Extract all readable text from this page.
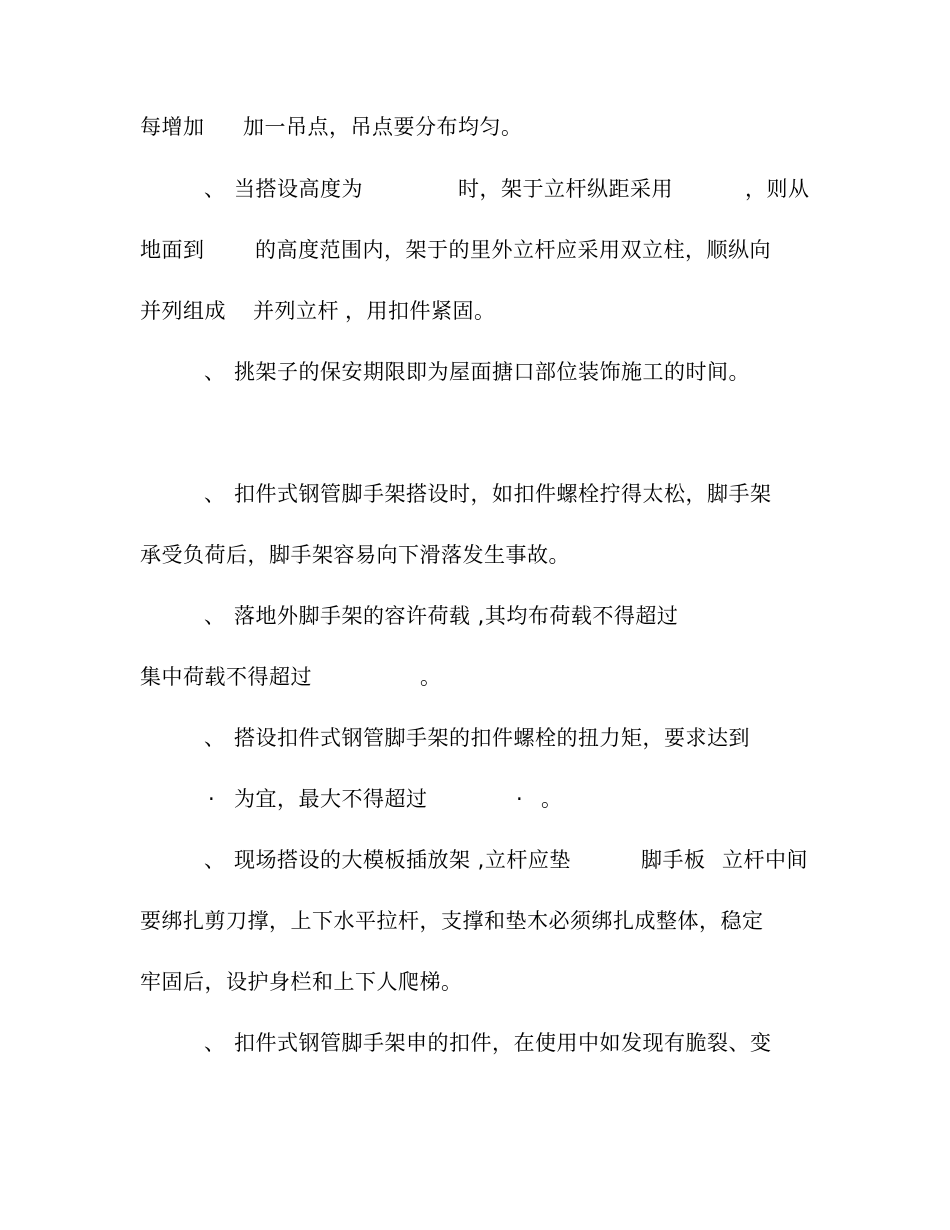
每增加 加一吊点，吊点要分布均匀。
、 当搭设高度为	时，架于立杆纵距采用	，则从
地面到 的高度范围内，架于的里外立杆应采用双立柱，顺纵向
并列组成 并列立杆 ，用扣件紧固。
、 挑架子的保安期限即为屋面搪口部位装饰施工的时间。
、 扣件式钢管脚手架搭设时，如扣件螺栓拧得太松，脚手架
承受负荷后，脚手架容易向下滑落发生事故。
、 落地外脚手架的容许荷载 ,其均布荷载不得超过
集中荷载不得超过	。
、 搭设扣件式钢管脚手架的扣件螺栓的扭力矩，要求达到
· 为宜，最大不得超过	· 。
、 现场搭设的大模板插放架 ,立杆应垫	脚手板 立杆中间
要绑扎剪刀撑，上下水平拉杆，支撑和垫木必须绑扎成整体，稳定
牢固后，设护身栏和上下人爬梯。
、 扣件式钢管脚手架申的扣件，在使用中如发现有脆裂、变
